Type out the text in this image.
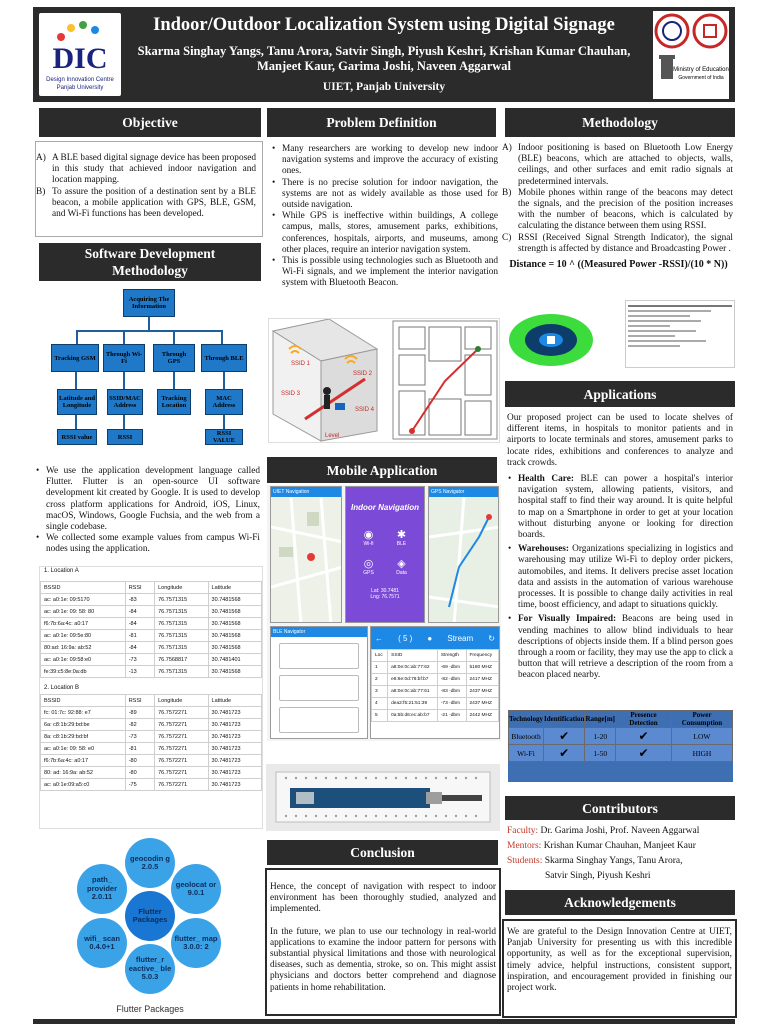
DIC
Design Innovation Centre
Panjab University
Indoor/Outdoor Localization System using Digital Signage
Skarma Singhay Yangs, Tanu Arora, Satvir Singh, Piyush Keshri, Krishan Kumar Chauhan,
Manjeet Kaur, Garima Joshi, Naveen Aggarwal
UIET, Panjab University
Ministry of Education
Government of India
Objective
A) A BLE based digital signage device has been proposed in this study that achieved indoor navigation and location mapping.
B) To assure the position of a destination sent by a BLE beacon, a mobile application with GPS, BLE, GSM, and Wi-Fi functions has been developed.
Software Development
Methodology
Acquiring The Information
Tracking GSM	Through Wi-Fi
Through GPS	Through BLE
Latitude and Longitude
SSID/MAC Address
Tracking Location
MAC Address
RSSI value	RSSI	RSSI VALUE
• We use the application development language called Flutter. Flutter is an open-source UI software development kit created by Google. It is used to develop cross platform applications for Android, iOS, Linux, macOS, Windows, Google Fuchsia, and the web from a single codebase.
• We collected some example values from campus Wi-Fi nodes using the application.
1. Location A
BSSID	RSSI	Longitude	Latitude
ac: a0:1e: 09:5170	-83	76.7571315	30.7481568
ac: a0:1e: 09: 58: 80	-84	76.7571315	30.7481568
f6:7b:6a:4c: a0:17	-84	76.7571315	30.7481568
ac: a0:1e: 09:5e:80	-81	76.7571315	30.7481568
80:ad: 16:9a: ab:52	-84	76.7571315	30.7481568
ac: a0:1e: 09:58:e0	-73	76.7568817	30.7481401
fe:39:c5:8e:0a:db	-13	76.7571315	30.7481568
2. Location B
BSSID	RSSI	Longitude	Latitude
fc: 01:7c: 92:88: e7	-89	76.7572271	30.7481723
6a: c8:1b:29:bd:be	-82	76.7572271	30.7481723
8a: c8:1b:29:bd:bf	-73	76.7572271	30.7481723
ac: a0:1e: 09: 58: e0	-81	76.7572271	30.7481723
f6:7b:6a:4c: a0:17	-80	76.7572271	30.7481723
80: ad: 16:9a: ab:52	-80	76.7572271	30.7481723
ac: a0:1e:09:a5:c0	-75	76.7572271	30.7481723
geocodin g 2.0.5
geolocat or 9.0.1
flutter_ map 3.0.0: 2
flutter_r eactive_ ble 5.0.3
wifi_ scan 0.4.0+1
path_ provider 2.0.11
Flutter Packages
Flutter Packages
Problem Definition
• Many researchers are working to develop new indoor navigation systems and improve the accuracy of existing ones.
• There is no precise solution for indoor navigation, the systems are not as widely available as those used for outside navigation.
• While GPS is ineffective within buildings, A college campus, malls, stores, amusement parks, exhibitions, conferences, hospitals, airports, and museums, among other places, require an interior navigation system.
• This is possible using technologies such as Bluetooth and Wi-Fi signals, and we implement the interior navigation system with Bluetooth Beacon.
SSID 1
SSID 2
SSID 3
SSID 4
Level
Mobile Application
UIET Navigation
Indoor Navigation
◉
Wi-fi
✱
BLE
◎
GPS
◈
Data
Lat: 30.7481
Lng: 76.7571
GPS Navigator
BLE Navigator
← ( 5 ) ● Stream ↻
Loc	SSID	Strength	Frequency
1	a8:0e:0c:ab:77:62	-69 -dbm	5180 MHZ
2	e6:6e:0d:78:bf:b7	-82 -dbm	2417 MHZ
3	a8:0e:0c:ab:77:61	-83 -dbm	2437 MHZ
4	dea2:f5:21:51:39	-73 -dbm	2437 MHZ
5	0a:5b:d6:ec:ab:b7	-21 -dbm	2442 MHZ
Conclusion

Hence, the concept of navigation with respect to indoor environment has been thoroughly studied, analyzed and implemented.

In the future, we plan to use our technology in real-world applications to examine the indoor pattern for persons with substantial physical limitations and those with neurological diseases, such as dementia, stroke, so on. This might assist physicians and doctors better comprehend and diagnose patients in home rehabilitation.

Methodology
A) Indoor positioning is based on Bluetooth Low Energy (BLE) beacons, which are attached to objects, walls, ceilings, and other surfaces and emit radio signals at predetermined intervals.
B) Mobile phones within range of the beacons may detect the signals, and the precision of the position increases with the number of beacons, which is calculated by calculating the distance between them using RSSI.
C) RSSI (Received Signal Strength Indicator), the signal strength is affected by distance and Broadcasting Power .
Distance = 10 ^ ((Measured Power -RSSI)/(10 * N))
Applications

Our proposed project can be used to locate shelves of different items, in hospitals to monitor patients and in airports to locate terminals and stores, amusement parks to locate rides, exhibitions and conferences to analyze and track crowds.

• Health Care: BLE can power a hospital's interior navigation system, allowing patients, visitors, and hospital staff to find their way around. It is quite helpful to map on a Smartphone in order to get at your location without disturbing anyone or looking for direction boards.
• Warehouses: Organizations specializing in logistics and warehousing may utilize Wi-Fi to deploy order pickers, automobiles, and items. It delivers precise asset location data and assists in the automation of various warehouse processes. It is possible to change daily activities in real time, boost efficiency, and adapt to situations quickly.
• For Visually Impaired: Beacons are being used in vending machines to allow blind individuals to hear descriptions of objects inside them. If a blind person goes through a room or facility, they may use the app to click a button that will retrieve a description of the room from a beacon placed nearby.
Technology	Identification	Range[m]	Presence Detection	Power Consumption
Bluetooth	✔	1-20	✔	LOW
Wi-Fi	✔	1-50	✔	HIGH
Contributors
Faculty: Dr. Garima Joshi, Prof. Naveen Aggarwal
Mentors: Krishan Kumar Chauhan, Manjeet Kaur
Students: Skarma Singhay Yangs, Tanu Arora,
Satvir Singh, Piyush Keshri
Acknowledgements

We are grateful to the Design Innovation Centre at UIET, Panjab University for presenting us with this incredible opportunity, as well as for the exceptional supervision, timely advice, helpful instructions, consistent support, inspiration, and encouragement provided in finishing our project work.
